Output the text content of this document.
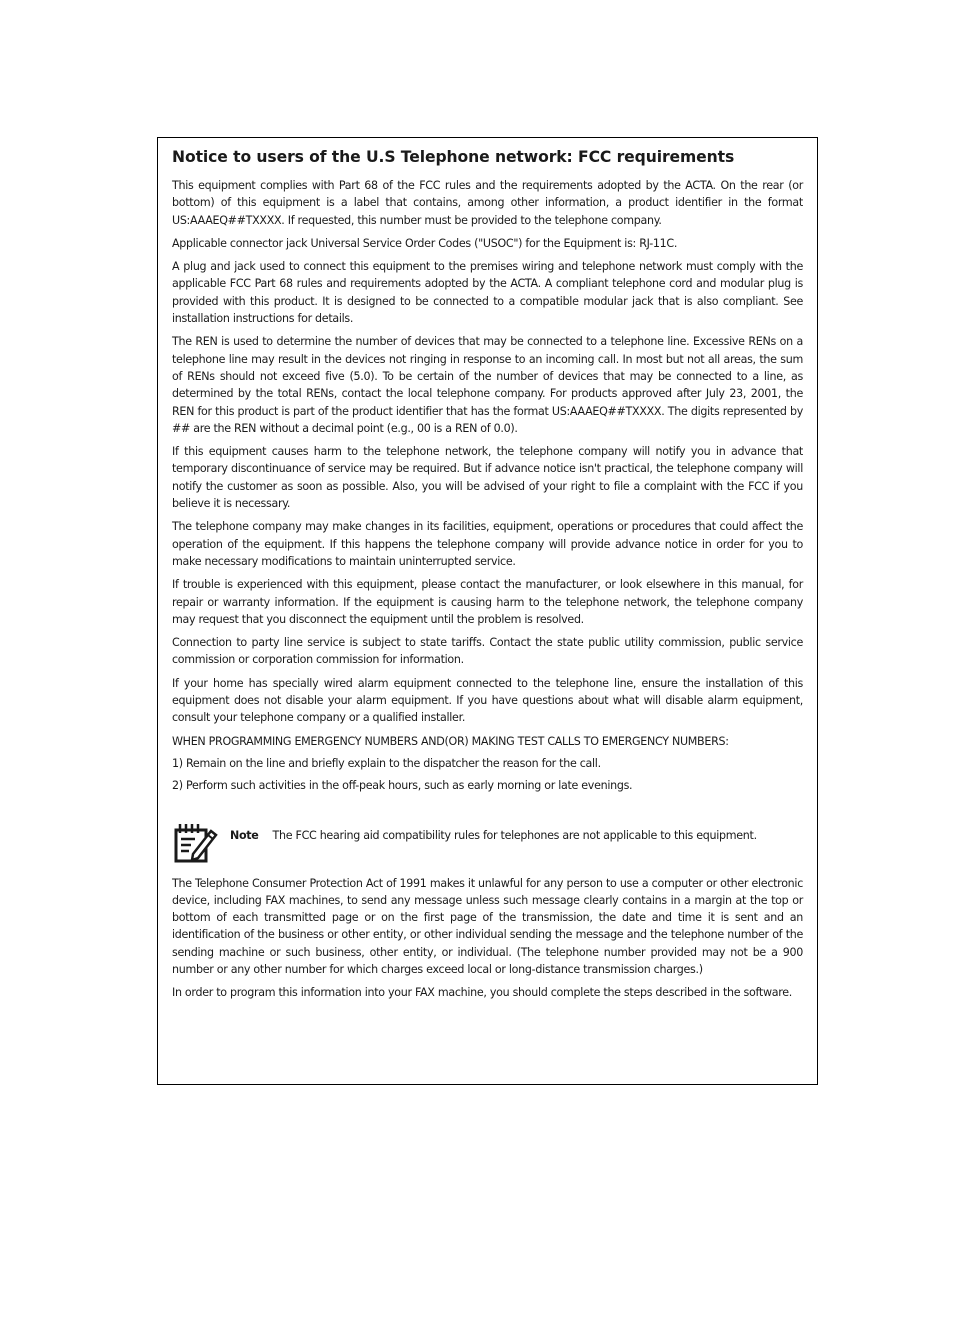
Notice to users of the U.S Telephone network: FCC requirements

This equipment complies with Part 68 of the FCC rules and the requirements adopted by the ACTA. On the rear (or bottom) of this equipment is a label that contains, among other information, a product identifier in the format US:AAAEQ##TXXXX. If requested, this number must be provided to the telephone company.

Applicable connector jack Universal Service Order Codes ("USOC") for the Equipment is: RJ-11C.

A plug and jack used to connect this equipment to the premises wiring and telephone network must comply with the applicable FCC Part 68 rules and requirements adopted by the ACTA. A compliant telephone cord and modular plug is provided with this product. It is designed to be connected to a compatible modular jack that is also compliant. See installation instructions for details.

The REN is used to determine the number of devices that may be connected to a telephone line. Excessive RENs on a telephone line may result in the devices not ringing in response to an incoming call. In most but not all areas, the sum of RENs should not exceed five (5.0). To be certain of the number of devices that may be connected to a line, as determined by the total RENs, contact the local telephone company. For products approved after July 23, 2001, the REN for this product is part of the product identifier that has the format US:AAAEQ##TXXXX. The digits represented by ## are the REN without a decimal point (e.g., 00 is a REN of 0.0).

If this equipment causes harm to the telephone network, the telephone company will notify you in advance that temporary discontinuance of service may be required. But if advance notice isn't practical, the telephone company will notify the customer as soon as possible. Also, you will be advised of your right to file a complaint with the FCC if you believe it is necessary.

The telephone company may make changes in its facilities, equipment, operations or procedures that could affect the operation of the equipment. If this happens the telephone company will provide advance notice in order for you to make necessary modifications to maintain uninterrupted service.

If trouble is experienced with this equipment, please contact the manufacturer, or look elsewhere in this manual, for repair or warranty information. If the equipment is causing harm to the telephone network, the telephone company may request that you disconnect the equipment until the problem is resolved.

Connection to party line service is subject to state tariffs. Contact the state public utility commission, public service commission or corporation commission for information.

If your home has specially wired alarm equipment connected to the telephone line, ensure the installation of this equipment does not disable your alarm equipment. If you have questions about what will disable alarm equipment, consult your telephone company or a qualified installer.

WHEN PROGRAMMING EMERGENCY NUMBERS AND(OR) MAKING TEST CALLS TO EMERGENCY NUMBERS:

1) Remain on the line and briefly explain to the dispatcher the reason for the call.

2) Perform such activities in the off-peak hours, such as early morning or late evenings.

Note The FCC hearing aid compatibility rules for telephones are not applicable to this equipment.

The Telephone Consumer Protection Act of 1991 makes it unlawful for any person to use a computer or other electronic device, including FAX machines, to send any message unless such message clearly contains in a margin at the top or bottom of each transmitted page or on the first page of the transmission, the date and time it is sent and an identification of the business or other entity, or other individual sending the message and the telephone number of the sending machine or such business, other entity, or individual. (The telephone number provided may not be a 900 number or any other number for which charges exceed local or long-distance transmission charges.)

In order to program this information into your FAX machine, you should complete the steps described in the software.
